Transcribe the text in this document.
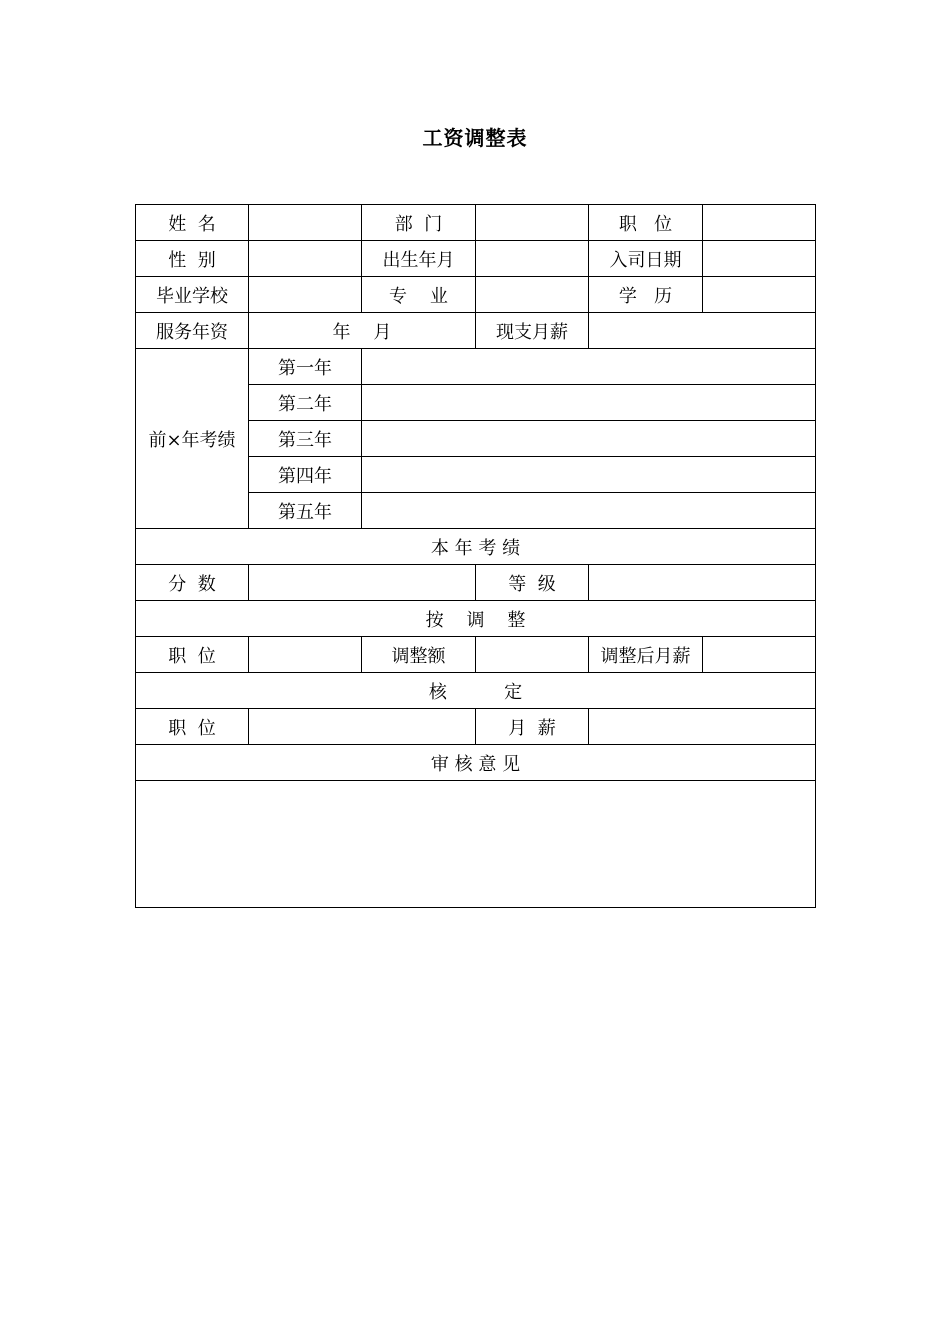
工资调整表
姓  名		部  门		职   位	
性  别		出生年月		入司日期	
毕业学校		专    业		学   历	
服务年资	年    月		现支月薪		
前×年考绩	第一年				
	第二年				
	第三年				
	第四年				
	第五年				
本 年 考 绩					
分  数			等  级		
按    调    整					
职  位		调整额		调整后月薪	
核          定					
职  位			月  薪		
审 核 意 见					
